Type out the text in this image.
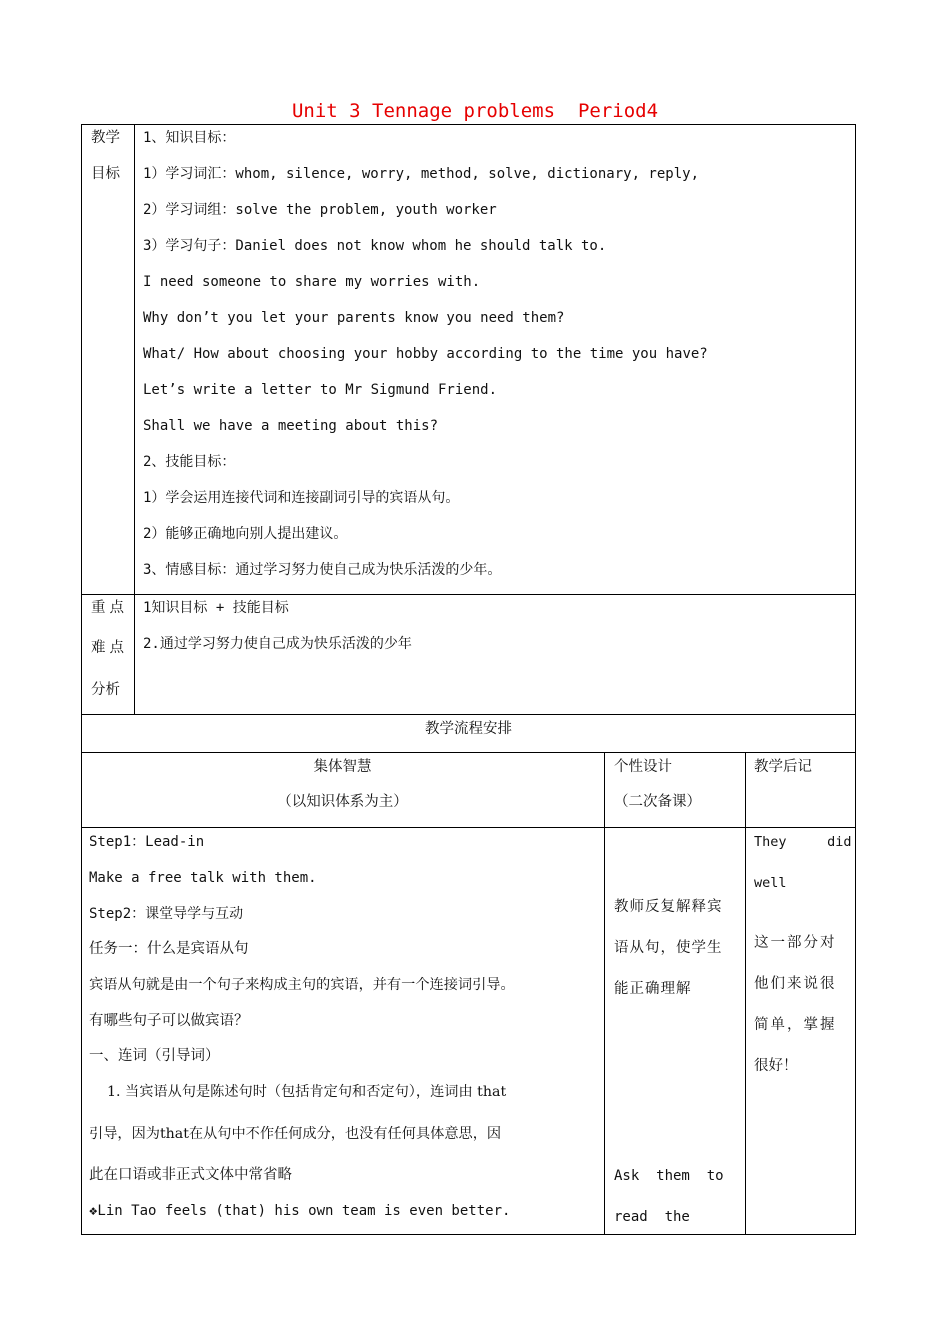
Unit 3 Tennage problems  Period4
教学
目标
1、知识目标：
1）学习词汇：whom, silence, worry, method, solve, dictionary, reply,
2）学习词组：solve the problem, youth worker
3）学习句子：Daniel does not know whom he should talk to.
I need someone to share my worries with.
Why don’t you let your parents know you need them?
What/ How about choosing your hobby according to the time you have?
Let’s write a letter to Mr Sigmund Friend.
Shall we have a meeting about this?
2、技能目标：
1）学会运用连接代词和连接副词引导的宾语从句。
2）能够正确地向别人提出建议。
3、情感目标：通过学习努力使自己成为快乐活泼的少年。
重点
难点
分析
1知识目标 + 技能目标
2.通过学习努力使自己成为快乐活泼的少年
教学流程安排
集体智慧
（以知识体系为主）
个性设计
（二次备课）
教学后记
Step1：Lead-in
Make a free talk with them.
Step2：课堂导学与互动
任务一：什么是宾语从句
宾语从句就是由一个句子来构成主句的宾语，并有一个连接词引导。
有哪些句子可以做宾语？
一、连词（引导词）
1. 当宾语从句是陈述句时（包括肯定句和否定句），连词由 that
引导，因为that在从句中不作任何成分，也没有任何具体意思，因
此在口语或非正式文体中常省略
❖Lin Tao feels (that) his own team is even better.
教师反复解释宾
语从句，使学生
能正确理解
Ask  them  to
read  the
They     did
well
这一部分对
他们来说很
简单，掌握
很好！
